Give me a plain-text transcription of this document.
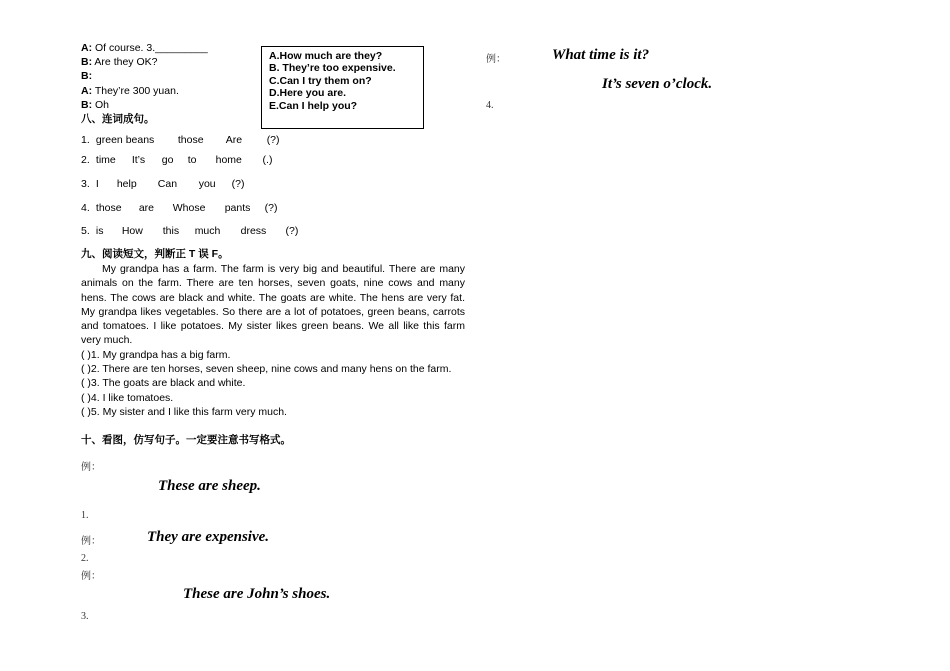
A: Of course. 3._________
B: Are they OK?
B:
A: They’re 300 yuan.
B: Oh
A.How much are they?
B. They’re too expensive.
C.Can I try them on?
D.Here you are.
E.Can I help you?
八、连词成句。
1. green beans those Are (?)
2. time It’s go to home (.)
3. I help Can you (?)
4. those are Whose pants (?)
5. is How this much dress (?)
九、阅读短文，判断正 T 误 F。

My grandpa has a farm. The farm is very big and beautiful. There are many animals on the farm. There are ten horses, seven goats, nine cows and many hens. The cows are black and white. The goats are white. The hens are very fat. My grandpa likes vegetables. So there are a lot of potatoes, green beans, carrots and tomatoes. I like potatoes. My sister likes green beans. We all like this farm very much.

( )1. My grandpa has a big farm.

( )2. There are ten horses, seven sheep, nine cows and many hens on the farm.

( )3. The goats are black and white.

( )4. I like tomatoes.

( )5. My sister and I like this farm very much.

十、看图，仿写句子。一定要注意书写格式。
例：
These are sheep.
1.
例：	They are expensive.
2.
例：
These are John’s shoes.
3.
例：	What time is it?
It’s seven o’clock.
4.
